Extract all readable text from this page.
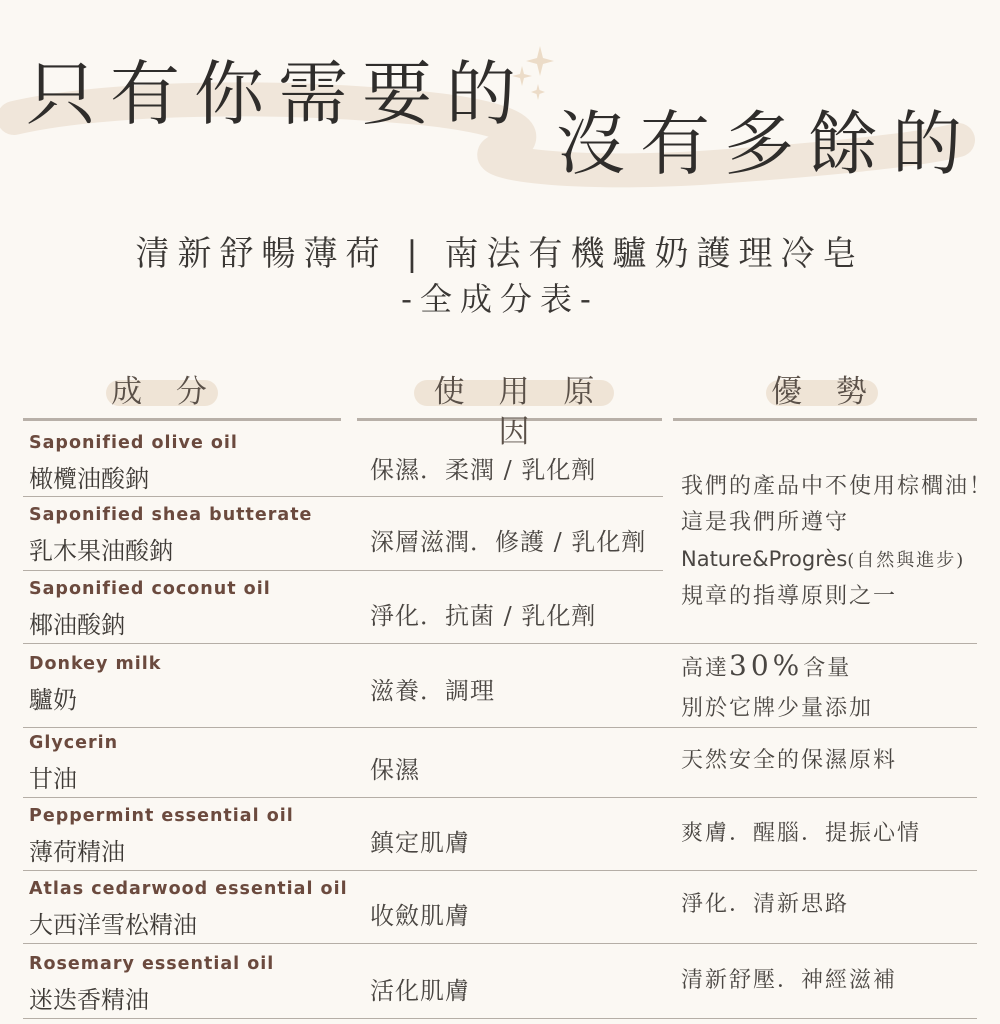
只有你需要的
沒有多餘的
清新舒暢薄荷 | 南法有機驢奶護理冷皂
-全成分表-
成 分	使 用 原 因
優 勢
Saponified olive oil
橄欖油酸鈉
Saponified shea butterate
乳木果油酸鈉
Saponified coconut oil
椰油酸鈉
Donkey milk
驢奶
Glycerin
甘油
Peppermint essential oil
薄荷精油
Atlas cedarwood essential oil
大西洋雪松精油
Rosemary essential oil
迷迭香精油
保濕．柔潤 / 乳化劑
深層滋潤．修護 / 乳化劑
淨化．抗菌 / 乳化劑
滋養．調理
保濕
鎮定肌膚
收斂肌膚
活化肌膚
我們的產品中不使用棕櫚油！
這是我們所遵守
Nature&Progrès(自然與進步)
規章的指導原則之一
高達30%含量
別於它牌少量添加
天然安全的保濕原料
爽膚．醒腦．提振心情
淨化．清新思路
清新舒壓．神經滋補
